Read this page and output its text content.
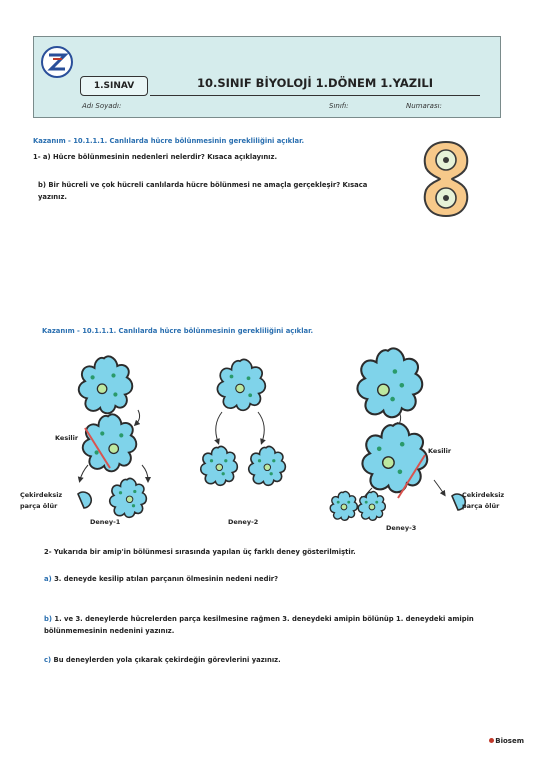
1.SINAV	10.SINIF BİYOLOJİ 1.DÖNEM 1.YAZILI
Adı Soyadı:	Sınıfı:	Numarası:
Kazanım - 10.1.1.1. Canlılarda hücre bölünmesinin gerekliliğini açıklar.
1- a) Hücre bölünmesinin nedenleri nelerdir? Kısaca açıklayınız.
b) Bir hücreli ve çok hücreli canlılarda hücre bölünmesi ne amaçla gerçekleşir? Kısaca
yazınız.
Kazanım - 10.1.1.1. Canlılarda hücre bölünmesinin gerekliliğini açıklar.
Kesilir
Kesilir
Çekirdeksiz
parça ölür
Çekirdeksiz
parça ölür
Deney-1	Deney-2
Deney-3
2- Yukarıda bir amip'in bölünmesi sırasında yapılan üç farklı deney gösterilmiştir.
a) 3. deneyde kesilip atılan parçanın ölmesinin nedeni nedir?
b) 1. ve 3. deneylerde hücrelerden parça kesilmesine rağmen 3. deneydeki amipin bölünüp 1. deneydeki amipin
bölünmemesinin nedenini yazınız.
c) Bu deneylerden yola çıkarak çekirdeğin görevlerini yazınız.
Biosem
